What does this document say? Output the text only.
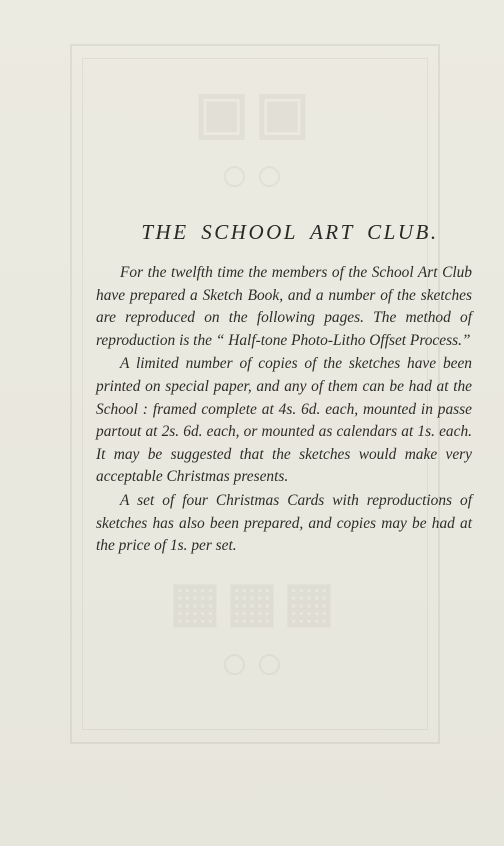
▣▣
○○
▦▦▦
○○
THE SCHOOL ART CLUB.

For the twelfth time the members of the School Art Club have prepared a Sketch Book, and a number of the sketches are reproduced on the following pages. The method of reproduction is the “ Half-tone Photo-Litho Offset Process.”

A limited number of copies of the sketches have been printed on special paper, and any of them can be had at the School : framed complete at 4s. 6d. each, mounted in passe partout at 2s. 6d. each, or mounted as calendars at 1s. each. It may be suggested that the sketches would make very acceptable Christmas presents.

A set of four Christmas Cards with reproductions of sketches has also been prepared, and copies may be had at the price of 1s. per set.
